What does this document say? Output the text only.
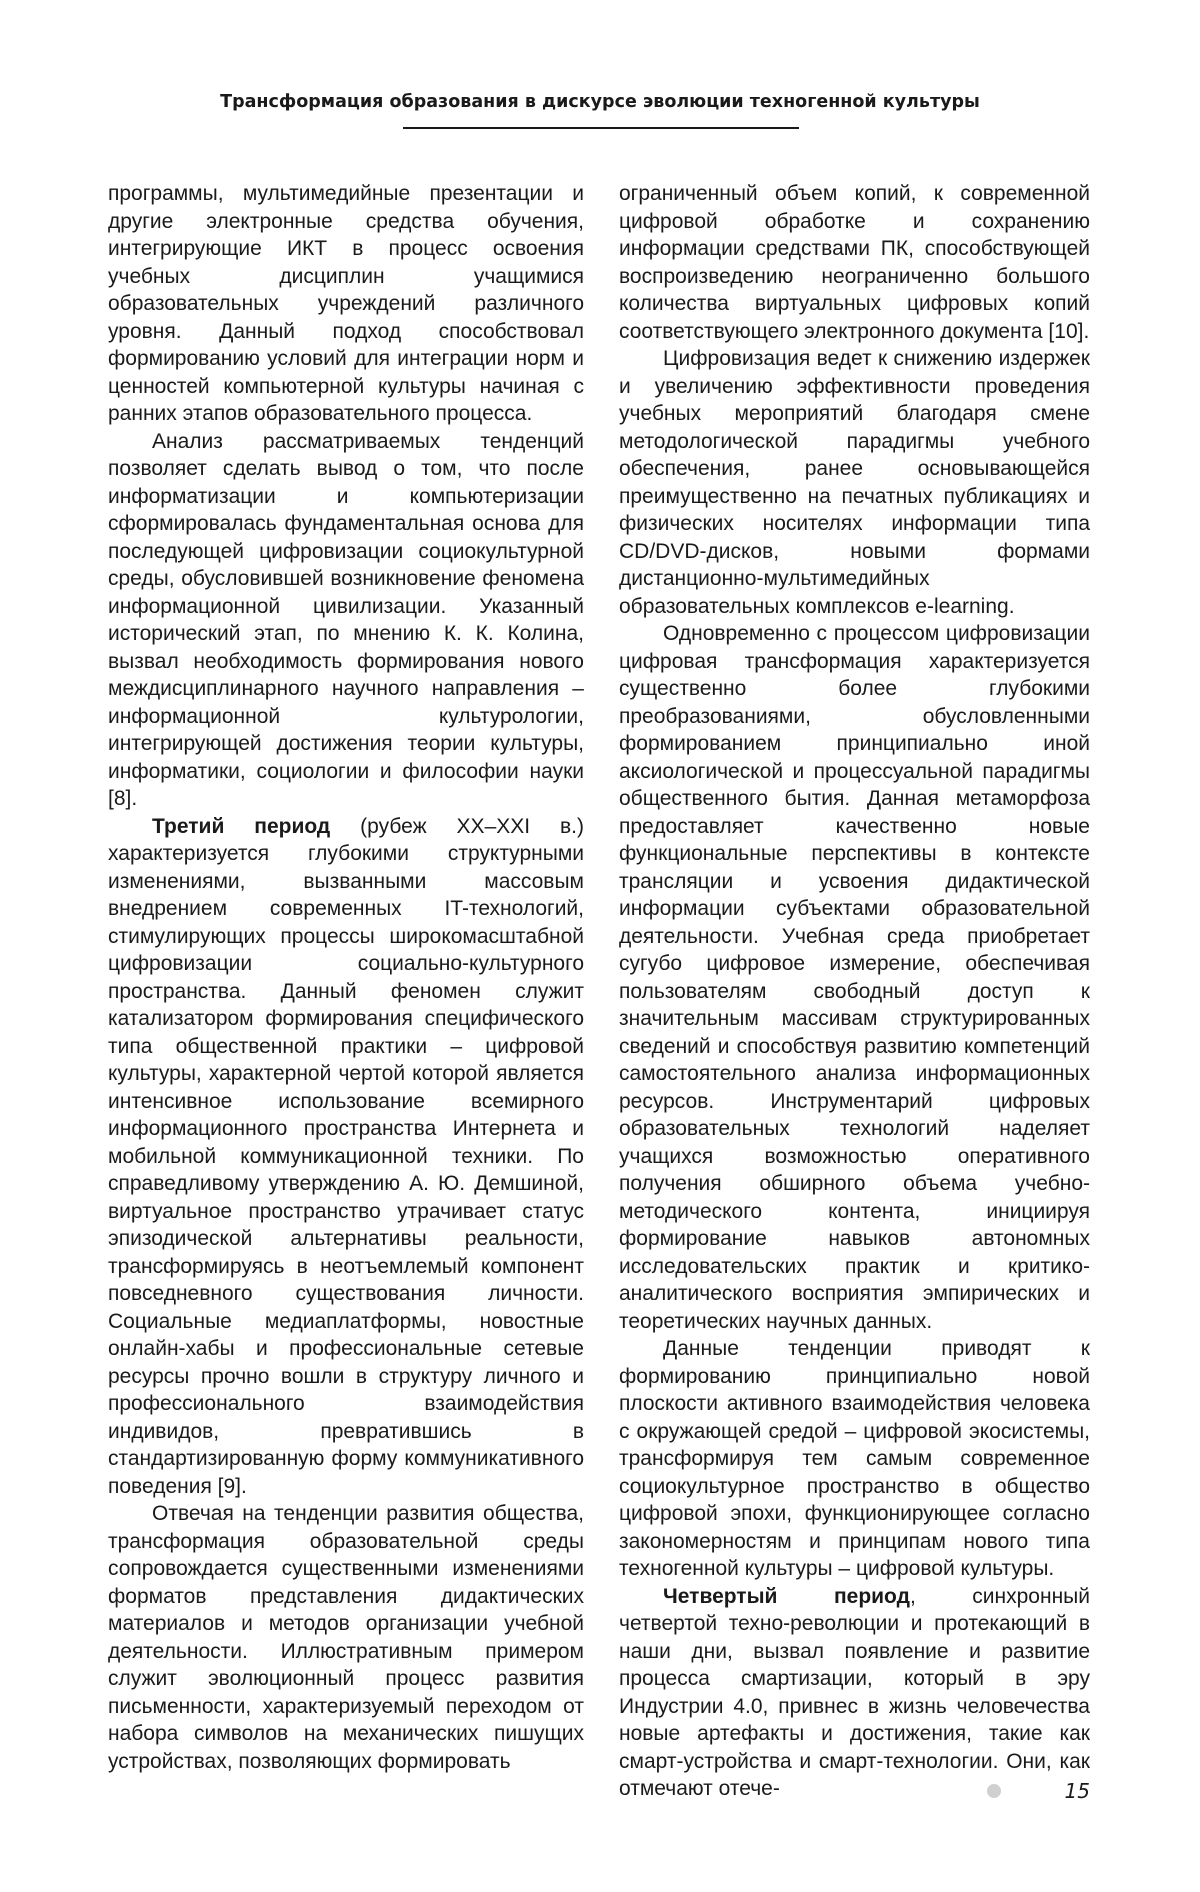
Трансформация образования в дискурсе эволюции техногенной культуры

программы, мультимедийные презентации и другие электронные средства обучения, интегрирующие ИКТ в процесс освоения учебных дисциплин учащимися образовательных учреждений различного уровня. Данный подход способствовал формированию условий для интеграции норм и ценностей компьютерной культуры начиная с ранних этапов образовательного процесса.

Анализ рассматриваемых тенденций позволяет сделать вывод о том, что после информатизации и компьютеризации сформировалась фундаментальная основа для последующей цифровизации социокультурной среды, обусловившей возникновение феномена информационной цивилизации. Указанный исторический этап, по мнению К. К. Колина, вызвал необходимость формирования нового междисциплинарного научного направления – информационной культурологии, интегрирующей достижения теории культуры, информатики, социологии и философии науки [8].

Третий период (рубеж XX–XXI в.) характеризуется глубокими структурными изменениями, вызванными массовым внедрением современных IT-технологий, стимулирующих процессы широкомасштабной цифровизации социально-культурного пространства. Данный феномен служит катализатором формирования специфического типа общественной практики – цифровой культуры, характерной чертой которой является интенсивное использование всемирного информационного пространства Интернета и мобильной коммуникационной техники. По справедливому утверждению А. Ю. Демшиной, виртуальное пространство утрачивает статус эпизодической альтернативы реальности, трансформируясь в неотъемлемый компонент повседневного существования личности. Социальные медиаплатформы, новостные онлайн-хабы и профессиональные сетевые ресурсы прочно вошли в структуру личного и профессионального взаимодействия индивидов, превратившись в стандартизированную форму коммуникативного поведения [9].

Отвечая на тенденции развития общества, трансформация образовательной среды сопровождается существенными изменениями форматов представления дидактических материалов и методов организации учебной деятельности. Иллюстративным примером служит эволюционный процесс развития письменности, характеризуемый переходом от набора символов на механических пишущих устройствах, позволяющих формировать

ограниченный объем копий, к современной цифровой обработке и сохранению информации средствами ПК, способствующей воспроизведению неограниченно большого количества виртуальных цифровых копий соответствующего электронного документа [10].

Цифровизация ведет к снижению издержек и увеличению эффективности проведения учебных мероприятий благодаря смене методологической парадигмы учебного обеспечения, ранее основывающейся преимущественно на печатных публикациях и физических носителях информации типа CD/DVD-дисков, новыми формами дистанционно-мультимедийных образовательных комплексов e-learning.

Одновременно с процессом цифровизации цифровая трансформация характеризуется существенно более глубокими преобразованиями, обусловленными формированием принципиально иной аксиологической и процессуальной парадигмы общественного бытия. Данная метаморфоза предоставляет качественно новые функциональные перспективы в контексте трансляции и усвоения дидактической информации субъектами образовательной деятельности. Учебная среда приобретает сугубо цифровое измерение, обеспечивая пользователям свободный доступ к значительным массивам структурированных сведений и способствуя развитию компетенций самостоятельного анализа информационных ресурсов. Инструментарий цифровых образовательных технологий наделяет учащихся возможностью оперативного получения обширного объема учебно-методического контента, инициируя формирование навыков автономных исследовательских практик и критико-аналитического восприятия эмпирических и теоретических научных данных.

Данные тенденции приводят к формированию принципиально новой плоскости активного взаимодействия человека с окружающей средой – цифровой экосистемы, трансформируя тем самым современное социокультурное пространство в общество цифровой эпохи, функционирующее согласно закономерностям и принципам нового типа техногенной культуры – цифровой культуры.

Четвертый период, синхронный четвертой техно-революции и протекающий в наши дни, вызвал появление и развитие процесса смартизации, который в эру Индустрии 4.0, привнес в жизнь человечества новые артефакты и достижения, такие как смарт-устройства и смарт-технологии. Они, как отмечают отече-	15
